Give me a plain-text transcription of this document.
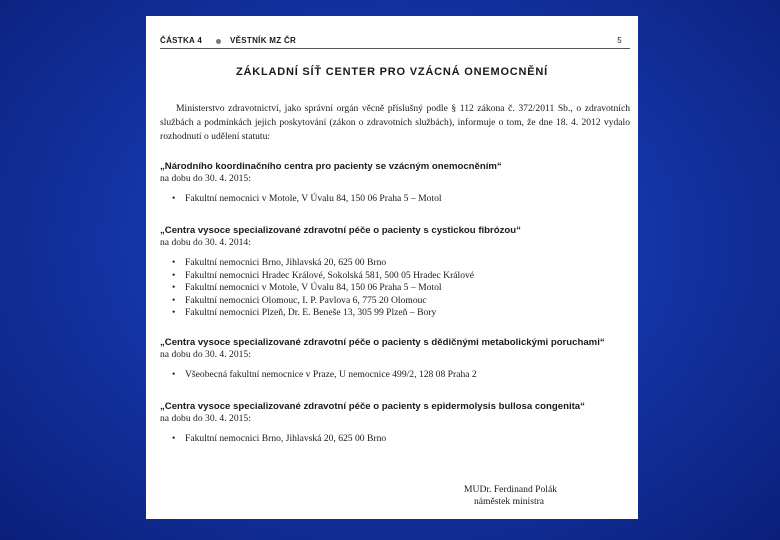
ČÁSTKA 4	VĚSTNÍK MZ ČR	5
ZÁKLADNÍ SÍŤ CENTER PRO VZÁCNÁ ONEMOCNĚNÍ
Ministerstvo zdravotnictví, jako správní orgán věcně příslušný podle § 112 zákona č. 372/2011 Sb., o zdravotních službách a podmínkách jejich poskytování (zákon o zdravotních službách), informuje o tom, že dne 18. 4. 2012 vydalo rozhodnutí o udělení statutu:
„Národního koordinačního centra pro pacienty se vzácným onemocněním“
na dobu do 30. 4. 2015:
• Fakultní nemocnici v Motole, V Úvalu 84, 150 06 Praha 5 – Motol
„Centra vysoce specializované zdravotní péče o pacienty s cystickou fibrózou“
na dobu do 30. 4. 2014:
• Fakultní nemocnici Brno, Jihlavská 20, 625 00 Brno
• Fakultní nemocnici Hradec Králové, Sokolská 581, 500 05 Hradec Králové
• Fakultní nemocnici v Motole, V Úvalu 84, 150 06 Praha 5 – Motol
• Fakultní nemocnici Olomouc, I. P. Pavlova 6, 775 20 Olomouc
• Fakultní nemocnici Plzeň, Dr. E. Beneše 13, 305 99 Plzeň – Bory
„Centra vysoce specializované zdravotní péče o pacienty s dědičnými metabolickými poruchami“
na dobu do 30. 4. 2015:
• Všeobecná fakultní nemocnice v Praze, U nemocnice 499/2, 128 08 Praha 2
„Centra vysoce specializované zdravotní péče o pacienty s epidermolysis bullosa congenita“
na dobu do 30. 4. 2015:
• Fakultní nemocnici Brno, Jihlavská 20, 625 00 Brno
MUDr. Ferdinand Polák
náměstek ministra
